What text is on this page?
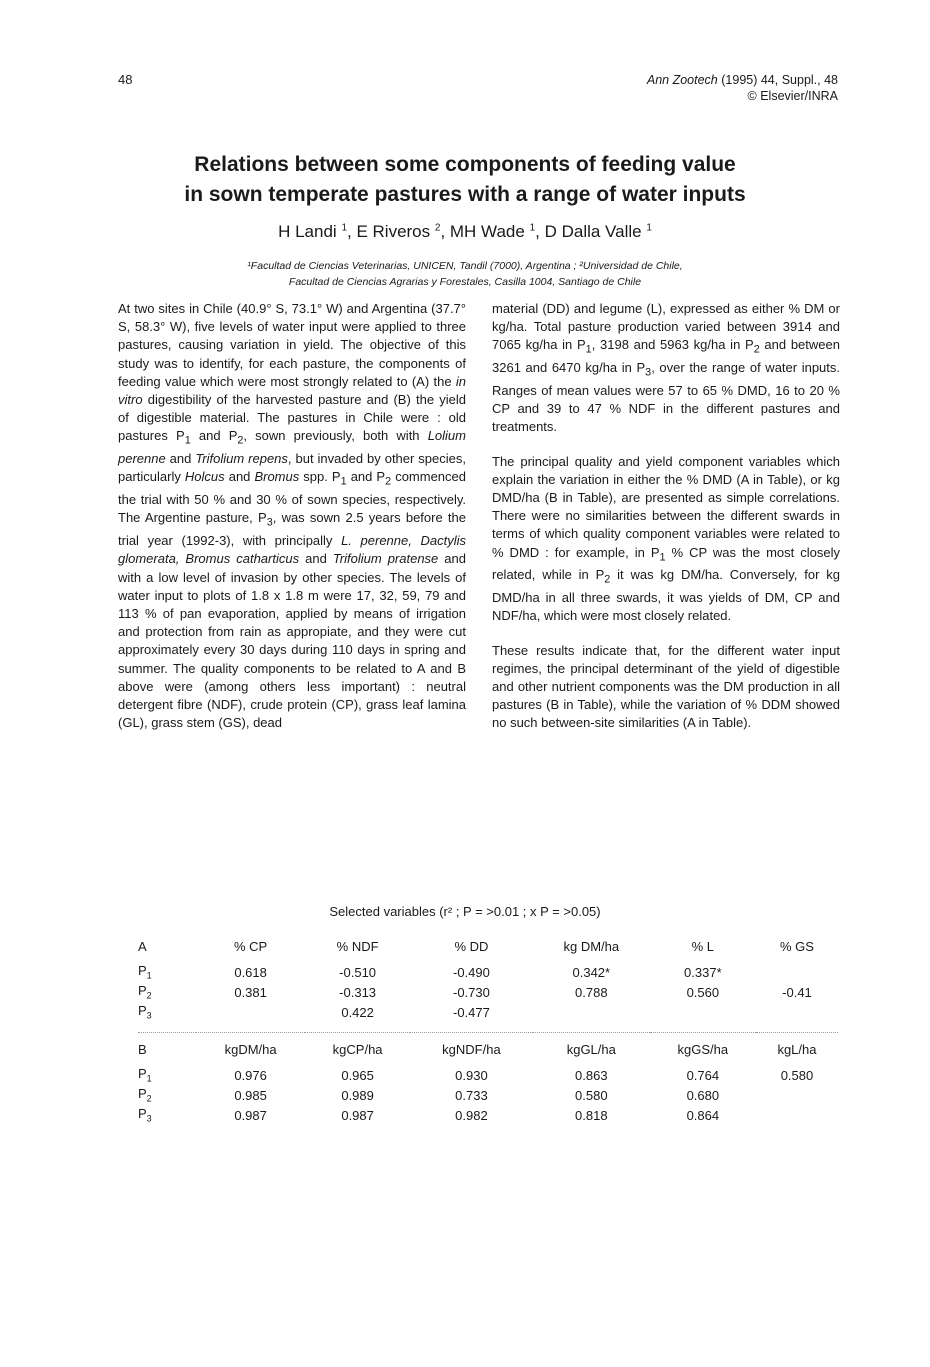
48	Ann Zootech (1995) 44, Suppl., 48
© Elsevier/INRA
Relations between some components of feeding value
in sown temperate pastures with a range of water inputs
H Landi $^1$, E Riveros $^2$, MH Wade $^1$, D Dalla Valle $^1$
¹Facultad de Ciencias Veterinarias, UNICEN, Tandil (7000), Argentina ; ²Universidad de Chile,
Facultad de Ciencias Agrarias y Forestales, Casilla 1004, Santiago de Chile

At two sites in Chile (40.9° S, 73.1° W) and Argentina (37.7° S, 58.3° W), five levels of water input were applied to three pastures, causing variation in yield. The objective of this study was to identify, for each pasture, the components of feeding value which were most strongly related to (A) the in vitro digestibility of the harvested pasture and (B) the yield of digestible material. The pastures in Chile were : old pastures $P_1$ and $P_2$, sown previously, both with Lolium perenne and Trifolium repens, but invaded by other species, particularly Holcus and Bromus spp. $P_1$ and $P_2$ commenced the trial with 50 % and 30 % of sown species, respectively. The Argentine pasture, $P_3$, was sown 2.5 years before the trial year (1992-3), with principally L. perenne, Dactylis glomerata, Bromus catharticus and Trifolium pratense and with a low level of invasion by other species. The levels of water input to plots of 1.8 x 1.8 m were 17, 32, 59, 79 and 113 % of pan evaporation, applied by means of irrigation and protection from rain as appropiate, and they were cut approximately every 30 days during 110 days in spring and summer. The quality components to be related to A and B above were (among others less important) : neutral detergent fibre (NDF), crude protein (CP), grass leaf lamina (GL), grass stem (GS), dead

material (DD) and legume (L), expressed as either % DM or kg/ha. Total pasture production varied between 3914 and 7065 kg/ha in $P_1$, 3198 and 5963 kg/ha in $P_2$ and between 3261 and 6470 kg/ha in $P_3$, over the range of water inputs. Ranges of mean values were 57 to 65 % DMD, 16 to 20 % CP and 39 to 47 % NDF in the different pastures and treatments.

The principal quality and yield component variables which explain the variation in either the % DMD (A in Table), or kg DMD/ha (B in Table), are presented as simple correlations. There were no similarities between the different swards in terms of which quality component variables were related to % DMD : for example, in $P_1$ % CP was the most closely related, while in $P_2$ it was kg DM/ha. Conversely, for kg DMD/ha in all three swards, it was yields of DM, CP and NDF/ha, which were most closely related.

These results indicate that, for the different water input regimes, the principal determinant of the yield of digestible and other nutrient components was the DM production in all pastures (B in Table), while the variation of % DDM showed no such between-site similarities (A in Table).

Selected variables (r² ; P = >0.01 ; x P = >0.05)
A	% CP	% NDF	% DD	kg DM/ha	% L	% GS
$P_1$	0.618	-0.510	-0.490	0.342*	0.337*	
$P_2$	0.381	-0.313	-0.730	0.788	0.560	-0.41
$P_3$		0.422	-0.477			

B	kgDM/ha	kgCP/ha	kgNDF/ha	kgGL/ha	kgGS/ha	kgL/ha
$P_1$	0.976	0.965	0.930	0.863	0.764	0.580
$P_2$	0.985	0.989	0.733	0.580	0.680	
$P_3$	0.987	0.987	0.982	0.818	0.864	
